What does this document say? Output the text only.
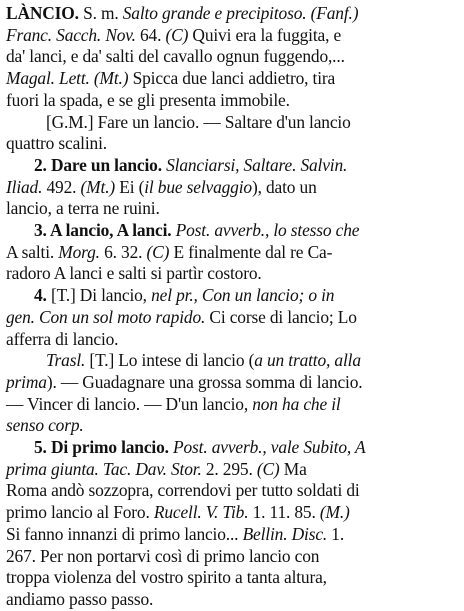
LÀNCIO. S. m. Salto grande e precipitoso. (Fanf.)
Franc. Sacch. Nov. 64. (C) Quivi era la fuggita, e
da' lanci, e da' salti del cavallo ognun fuggendo,...
Magal. Lett. (Mt.) Spicca due lanci addietro, tira
fuori la spada, e se gli presenta immobile.
[G.M.] Fare un lancio. — Saltare d'un lancio
quattro scalini.
2. Dare un lancio. Slanciarsi, Saltare. Salvin.
Iliad. 492. (Mt.) Ei (il bue selvaggio), dato un
lancio, a terra ne ruini.
3. A lancio, A lanci. Post. avverb., lo stesso che
A salti. Morg. 6. 32. (C) E finalmente dal re Ca-
radoro A lanci e salti si partìr costoro.
4. [T.] Di lancio, nel pr., Con un lancio; o in
gen. Con un sol moto rapido. Ci corse di lancio; Lo
afferra di lancio.
Trasl. [T.] Lo intese di lancio (a un tratto, alla
prima). — Guadagnare una grossa somma di lancio.
— Vincer di lancio. — D'un lancio, non ha che il
senso corp.
5. Di primo lancio. Post. avverb., vale Subito, A
prima giunta. Tac. Dav. Stor. 2. 295. (C) Ma
Roma andò sozzopra, correndovi per tutto soldati di
primo lancio al Foro. Rucell. V. Tib. 1. 11. 85. (M.)
Si fanno innanzi di primo lancio... Bellin. Disc. 1.
267. Per non portarvi così di primo lancio con
troppa violenza del vostro spirito a tanta altura,
andiamo passo passo.
